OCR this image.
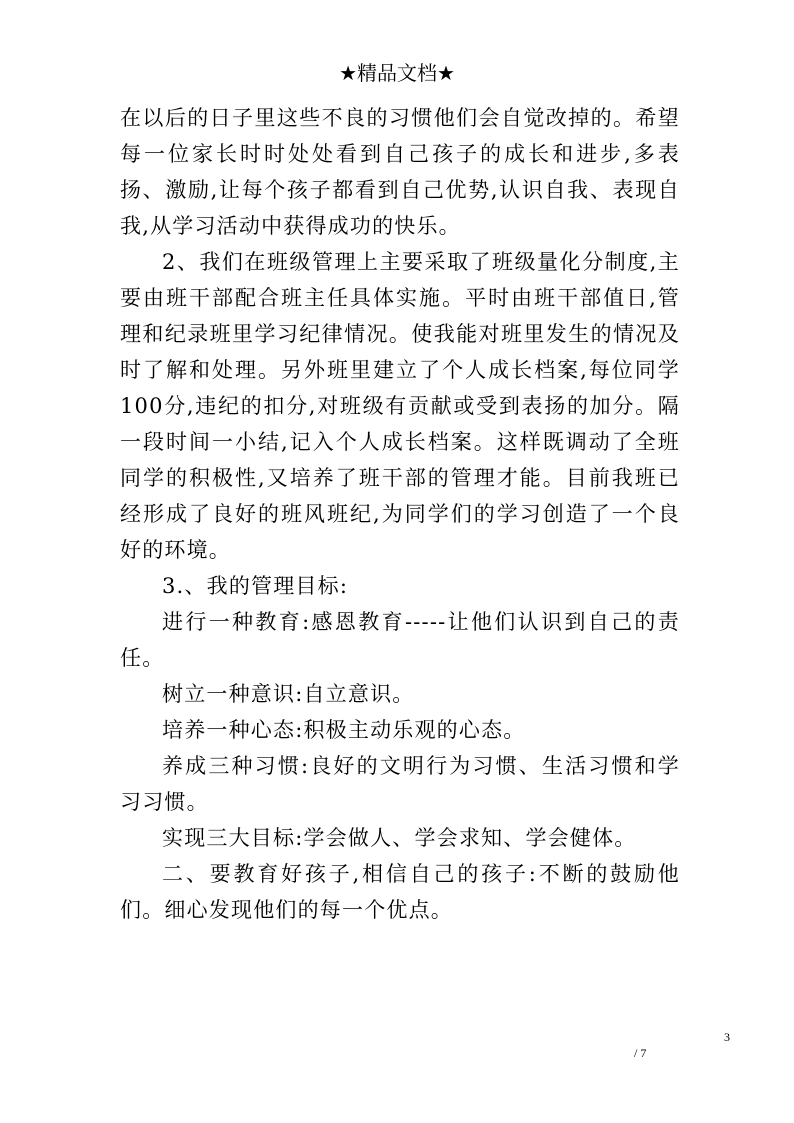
★精品文档★

在以后的日子里这些不良的习惯他们会自觉改掉的。希望每一位家长时时处处看到自己孩子的成长和进步,多表扬、激励,让每个孩子都看到自己优势,认识自我、表现自我,从学习活动中获得成功的快乐。

2、我们在班级管理上主要采取了班级量化分制度,主要由班干部配合班主任具体实施。平时由班干部值日,管理和纪录班里学习纪律情况。使我能对班里发生的情况及时了解和处理。另外班里建立了个人成长档案,每位同学100分,违纪的扣分,对班级有贡献或受到表扬的加分。隔一段时间一小结,记入个人成长档案。这样既调动了全班同学的积极性,又培养了班干部的管理才能。目前我班已经形成了良好的班风班纪,为同学们的学习创造了一个良好的环境。

3.、我的管理目标:

进行一种教育:感恩教育-----让他们认识到自己的责任。

树立一种意识:自立意识。

培养一种心态:积极主动乐观的心态。

养成三种习惯:良好的文明行为习惯、生活习惯和学习习惯。

实现三大目标:学会做人、学会求知、学会健体。

二、要教育好孩子,相信自己的孩子:不断的鼓励他们。细心发现他们的每一个优点。

3
/ 7
